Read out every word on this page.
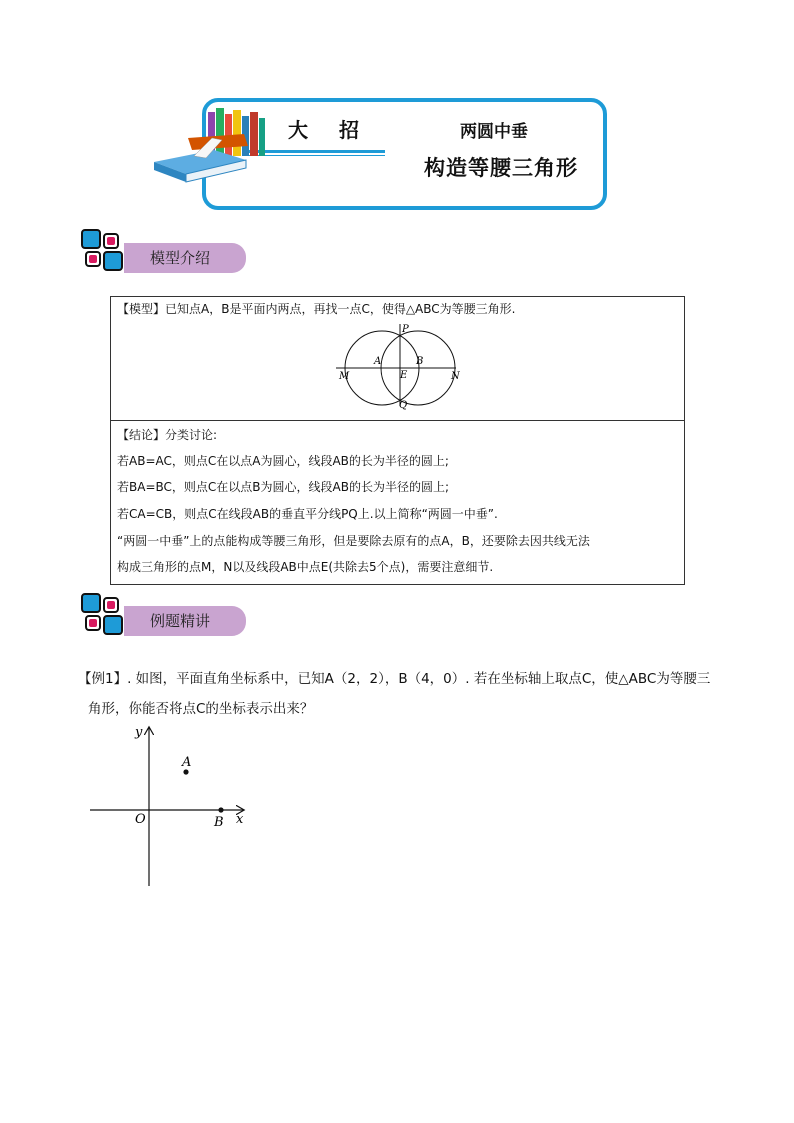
大 招	两圆中垂
构造等腰三角形
模型介绍
【模型】已知点A，B是平面内两点，再找一点C，使得△ABC为等腰三角形.
P
Q
M	N
A	B
E
【结论】分类讨论:
若AB=AC，则点C在以点A为圆心，线段AB的长为半径的圆上;
若BA=BC，则点C在以点B为圆心，线段AB的长为半径的圆上;
若CA=CB，则点C在线段AB的垂直平分线PQ上.以上简称“两圆一中垂”.
“两圆一中垂”上的点能构成等腰三角形，但是要除去原有的点A，B，还要除去因共线无法
构成三角形的点M，N以及线段AB中点E(共除去5个点)，需要注意细节.
例题精讲
【例1】. 如图，平面直角坐标系中，已知A（2，2），B（4，0）. 若在坐标轴上取点C，使△ABC为等腰三
角形，你能否将点C的坐标表示出来？
y
x
O
A
B
